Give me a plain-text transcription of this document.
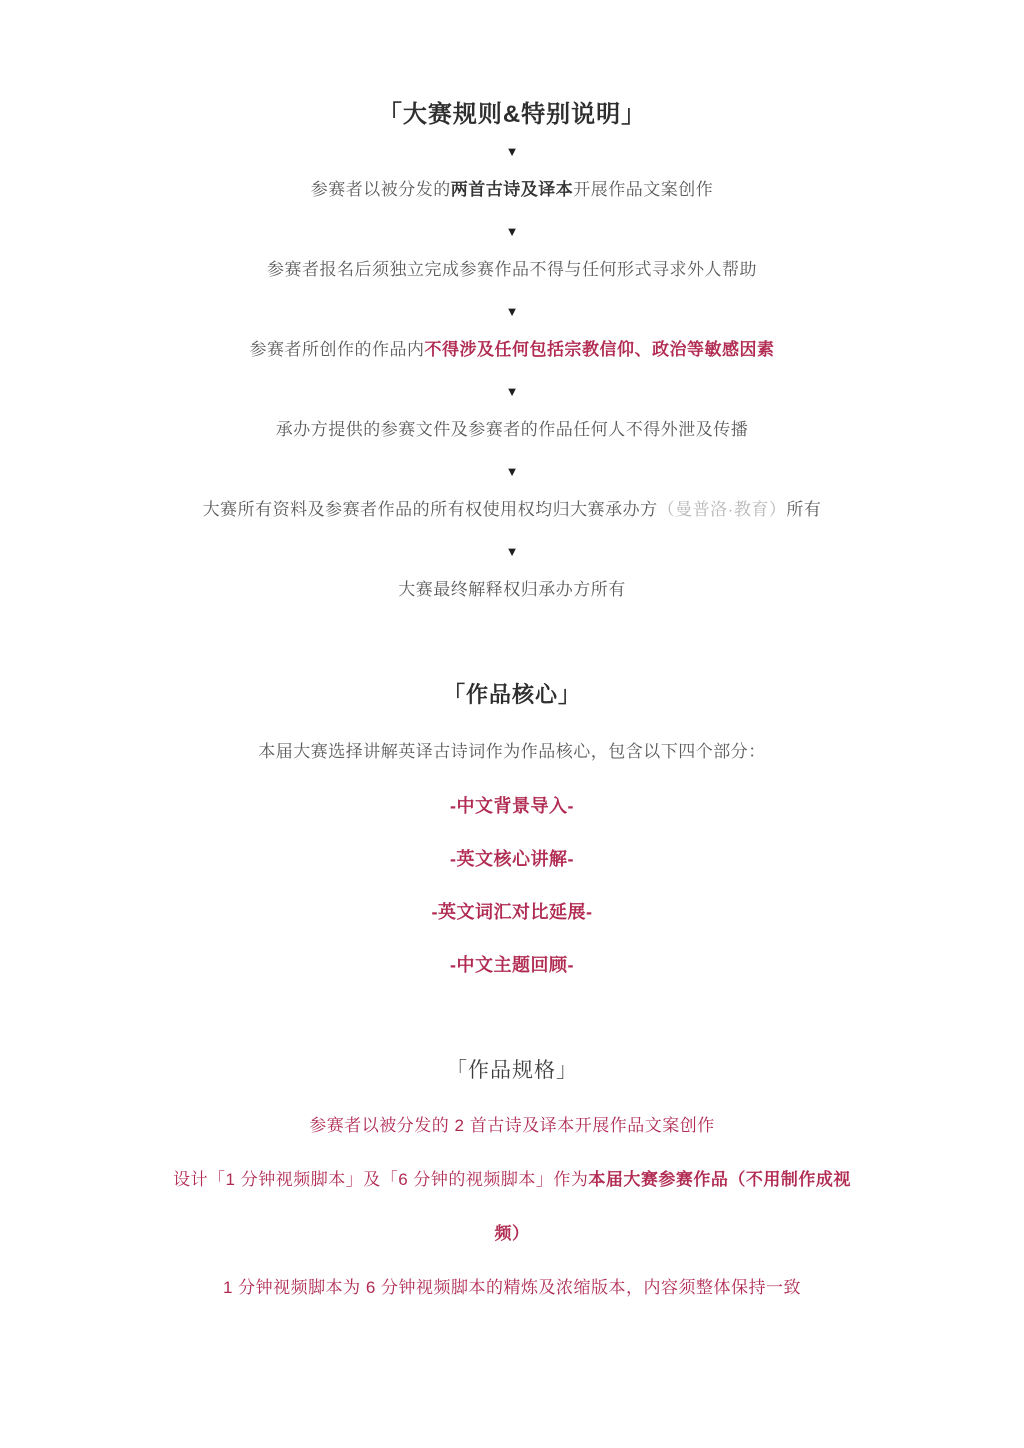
「大赛规则&特别说明」
▼
参赛者以被分发的两首古诗及译本开展作品文案创作
▼
参赛者报名后须独立完成参赛作品不得与任何形式寻求外人帮助
▼
参赛者所创作的作品内不得涉及任何包括宗教信仰、政治等敏感因素
▼
承办方提供的参赛文件及参赛者的作品任何人不得外泄及传播
▼
大赛所有资料及参赛者作品的所有权使用权均归大赛承办方（曼普洛·教育）所有
▼
大赛最终解释权归承办方所有
「作品核心」
本届大赛选择讲解英译古诗词作为作品核心，包含以下四个部分：
-中文背景导入-
-英文核心讲解-
-英文词汇对比延展-
-中文主题回顾-
「作品规格」
参赛者以被分发的 2 首古诗及译本开展作品文案创作
设计「1 分钟视频脚本」及「6 分钟的视频脚本」作为本届大赛参赛作品（不用制作成视
频）
1 分钟视频脚本为 6 分钟视频脚本的精炼及浓缩版本，内容须整体保持一致
